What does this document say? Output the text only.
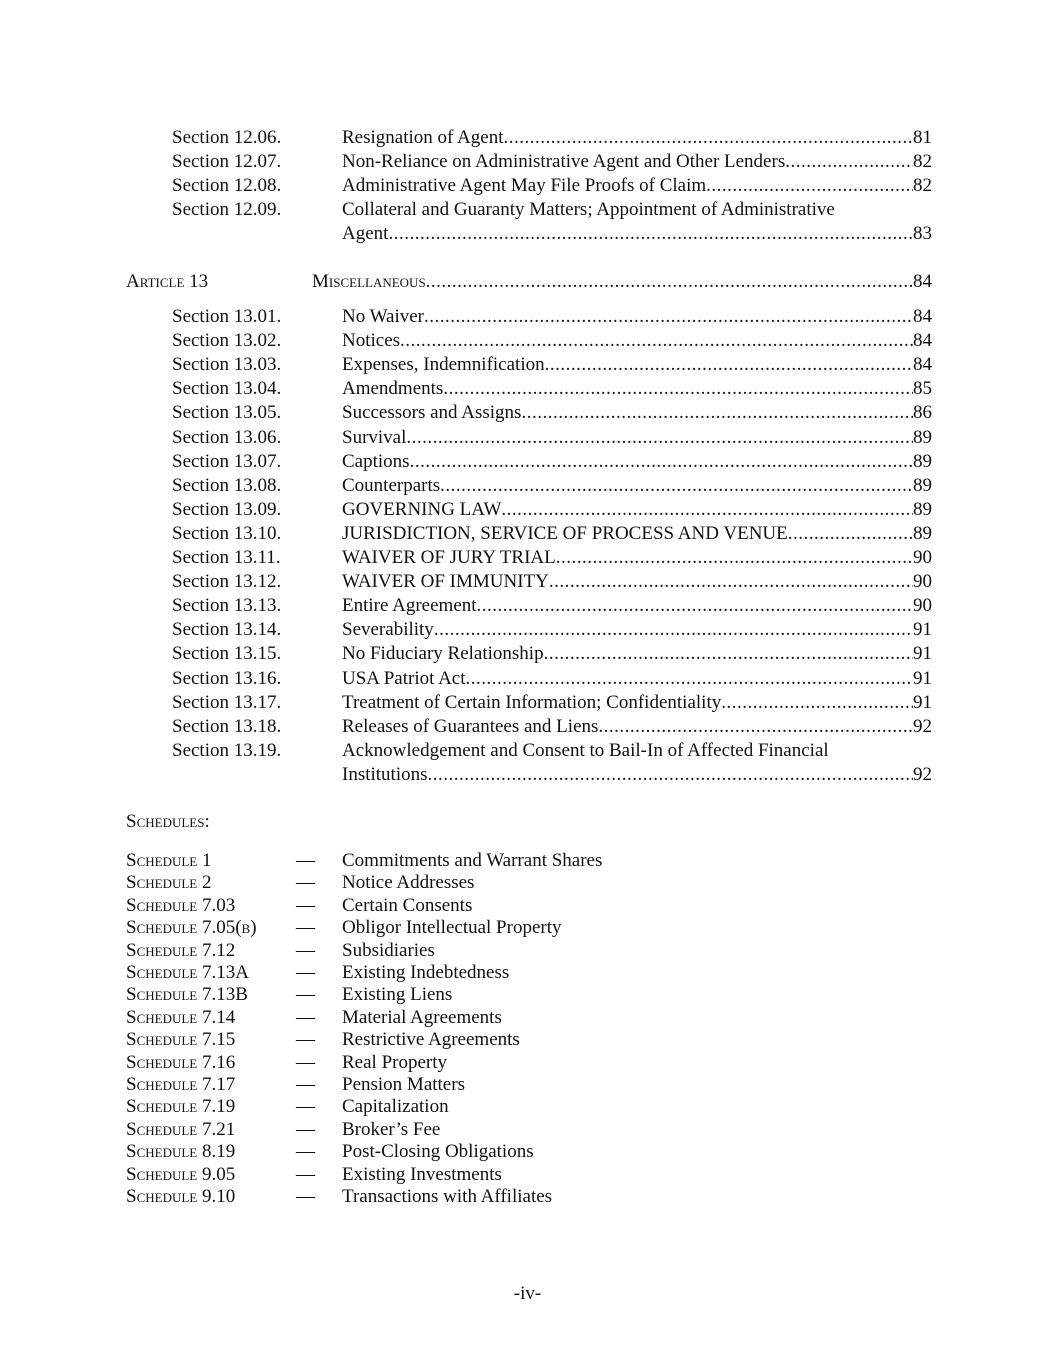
Section 12.06.	Resignation of Agent .....	81
Section 12.07.	Non-Reliance on Administrative Agent and Other Lenders .....	82
Section 12.08.	Administrative Agent May File Proofs of Claim .....	82
Section 12.09.	Collateral and Guaranty Matters; Appointment of Administrative
Agent .....	83
Article 13	Miscellaneous .....	84
Section 13.01.	No Waiver .....	84
Section 13.02.	Notices .....	84
Section 13.03.	Expenses, Indemnification .....	84
Section 13.04.	Amendments .....	85
Section 13.05.	Successors and Assigns .....	86
Section 13.06.	Survival .....	89
Section 13.07.	Captions .....	89
Section 13.08.	Counterparts .....	89
Section 13.09.	GOVERNING LAW .....	89
Section 13.10.	JURISDICTION, SERVICE OF PROCESS AND VENUE .....	89
Section 13.11.	WAIVER OF JURY TRIAL .....	90
Section 13.12.	WAIVER OF IMMUNITY .....	90
Section 13.13.	Entire Agreement .....	90
Section 13.14.	Severability .....	91
Section 13.15.	No Fiduciary Relationship .....	91
Section 13.16.	USA Patriot Act .....	91
Section 13.17.	Treatment of Certain Information; Confidentiality .....	91
Section 13.18.	Releases of Guarantees and Liens .....	92
Section 13.19.	Acknowledgement and Consent to Bail-In of Affected Financial
Institutions .....	92
Schedules:
Schedule 1	— Commitments and Warrant Shares
Schedule 2	— Notice Addresses
Schedule 7.03	— Certain Consents
Schedule 7.05(b) — Obligor Intellectual Property
Schedule 7.12	— Subsidiaries
Schedule 7.13A — Existing Indebtedness
Schedule 7.13B	— Existing Liens
Schedule 7.14	— Material Agreements
Schedule 7.15	— Restrictive Agreements
Schedule 7.16	— Real Property
Schedule 7.17	— Pension Matters
Schedule 7.19	— Capitalization
Schedule 7.21	— Broker’s Fee
Schedule 8.19	— Post-Closing Obligations
Schedule 9.05	— Existing Investments
Schedule 9.10	— Transactions with Affiliates
-iv-
